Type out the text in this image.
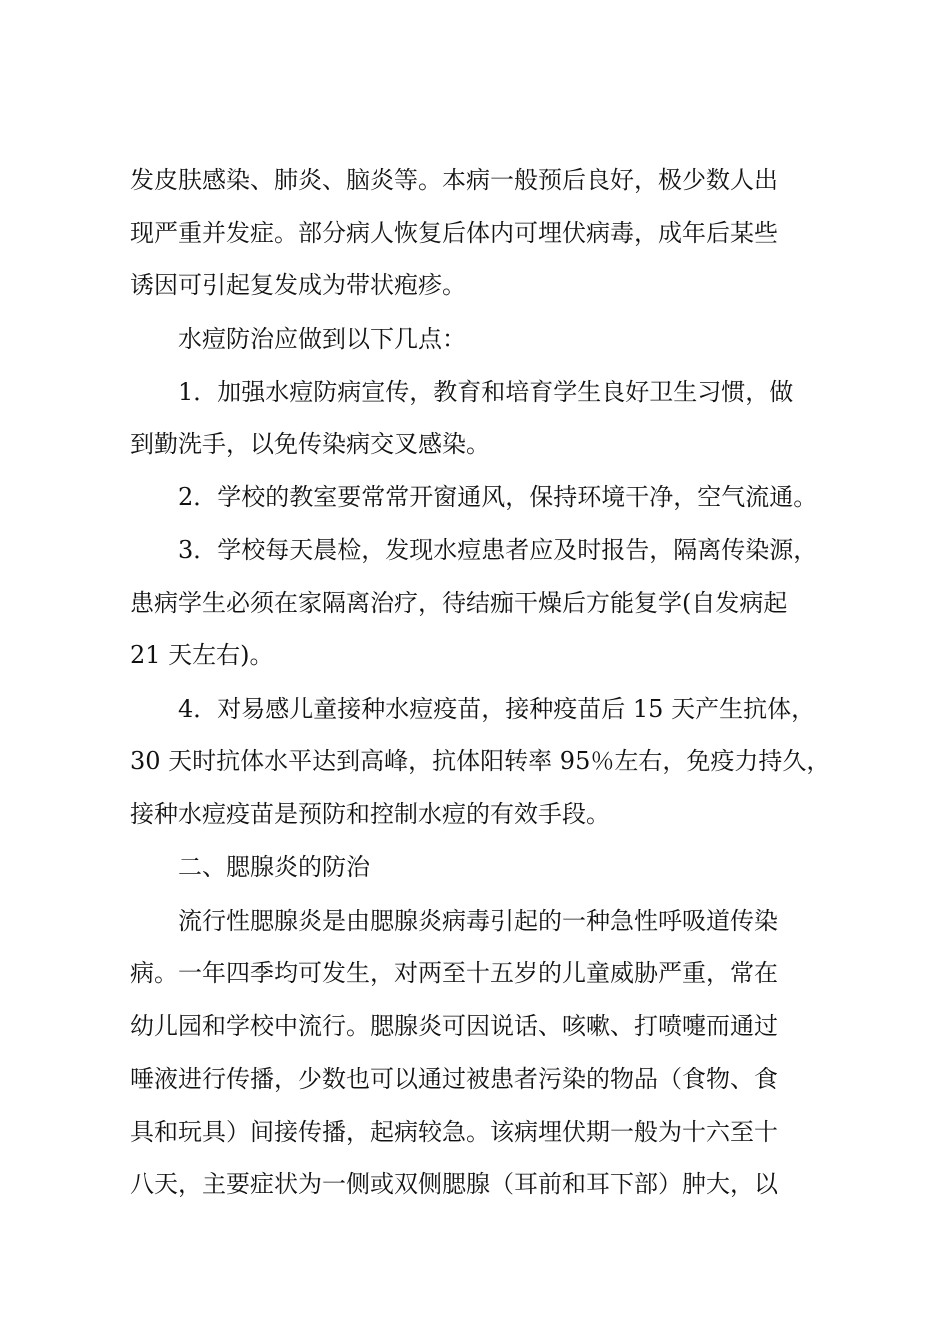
发皮肤感染、肺炎、脑炎等。本病一般预后良好，极少数人出
现严重并发症。部分病人恢复后体内可埋伏病毒，成年后某些
诱因可引起复发成为带状疱疹。
水痘防治应做到以下几点：
1．加强水痘防病宣传，教育和培育学生良好卫生习惯，做
到勤洗手，以免传染病交叉感染。
2．学校的教室要常常开窗通风，保持环境干净，空气流通。
3．学校每天晨检，发现水痘患者应及时报告，隔离传染源，
患病学生必须在家隔离治疗，待结痂干燥后方能复学(自发病起
21 天左右)。
4．对易感儿童接种水痘疫苗，接种疫苗后 15 天产生抗体，
30 天时抗体水平达到高峰，抗体阳转率 95％左右，免疫力持久，
接种水痘疫苗是预防和控制水痘的有效手段。
二、腮腺炎的防治
流行性腮腺炎是由腮腺炎病毒引起的一种急性呼吸道传染
病。一年四季均可发生，对两至十五岁的儿童威胁严重，常在
幼儿园和学校中流行。腮腺炎可因说话、咳嗽、打喷嚏而通过
唾液进行传播，少数也可以通过被患者污染的物品（食物、食
具和玩具）间接传播，起病较急。该病埋伏期一般为十六至十
八天，主要症状为一侧或双侧腮腺（耳前和耳下部）肿大，以
